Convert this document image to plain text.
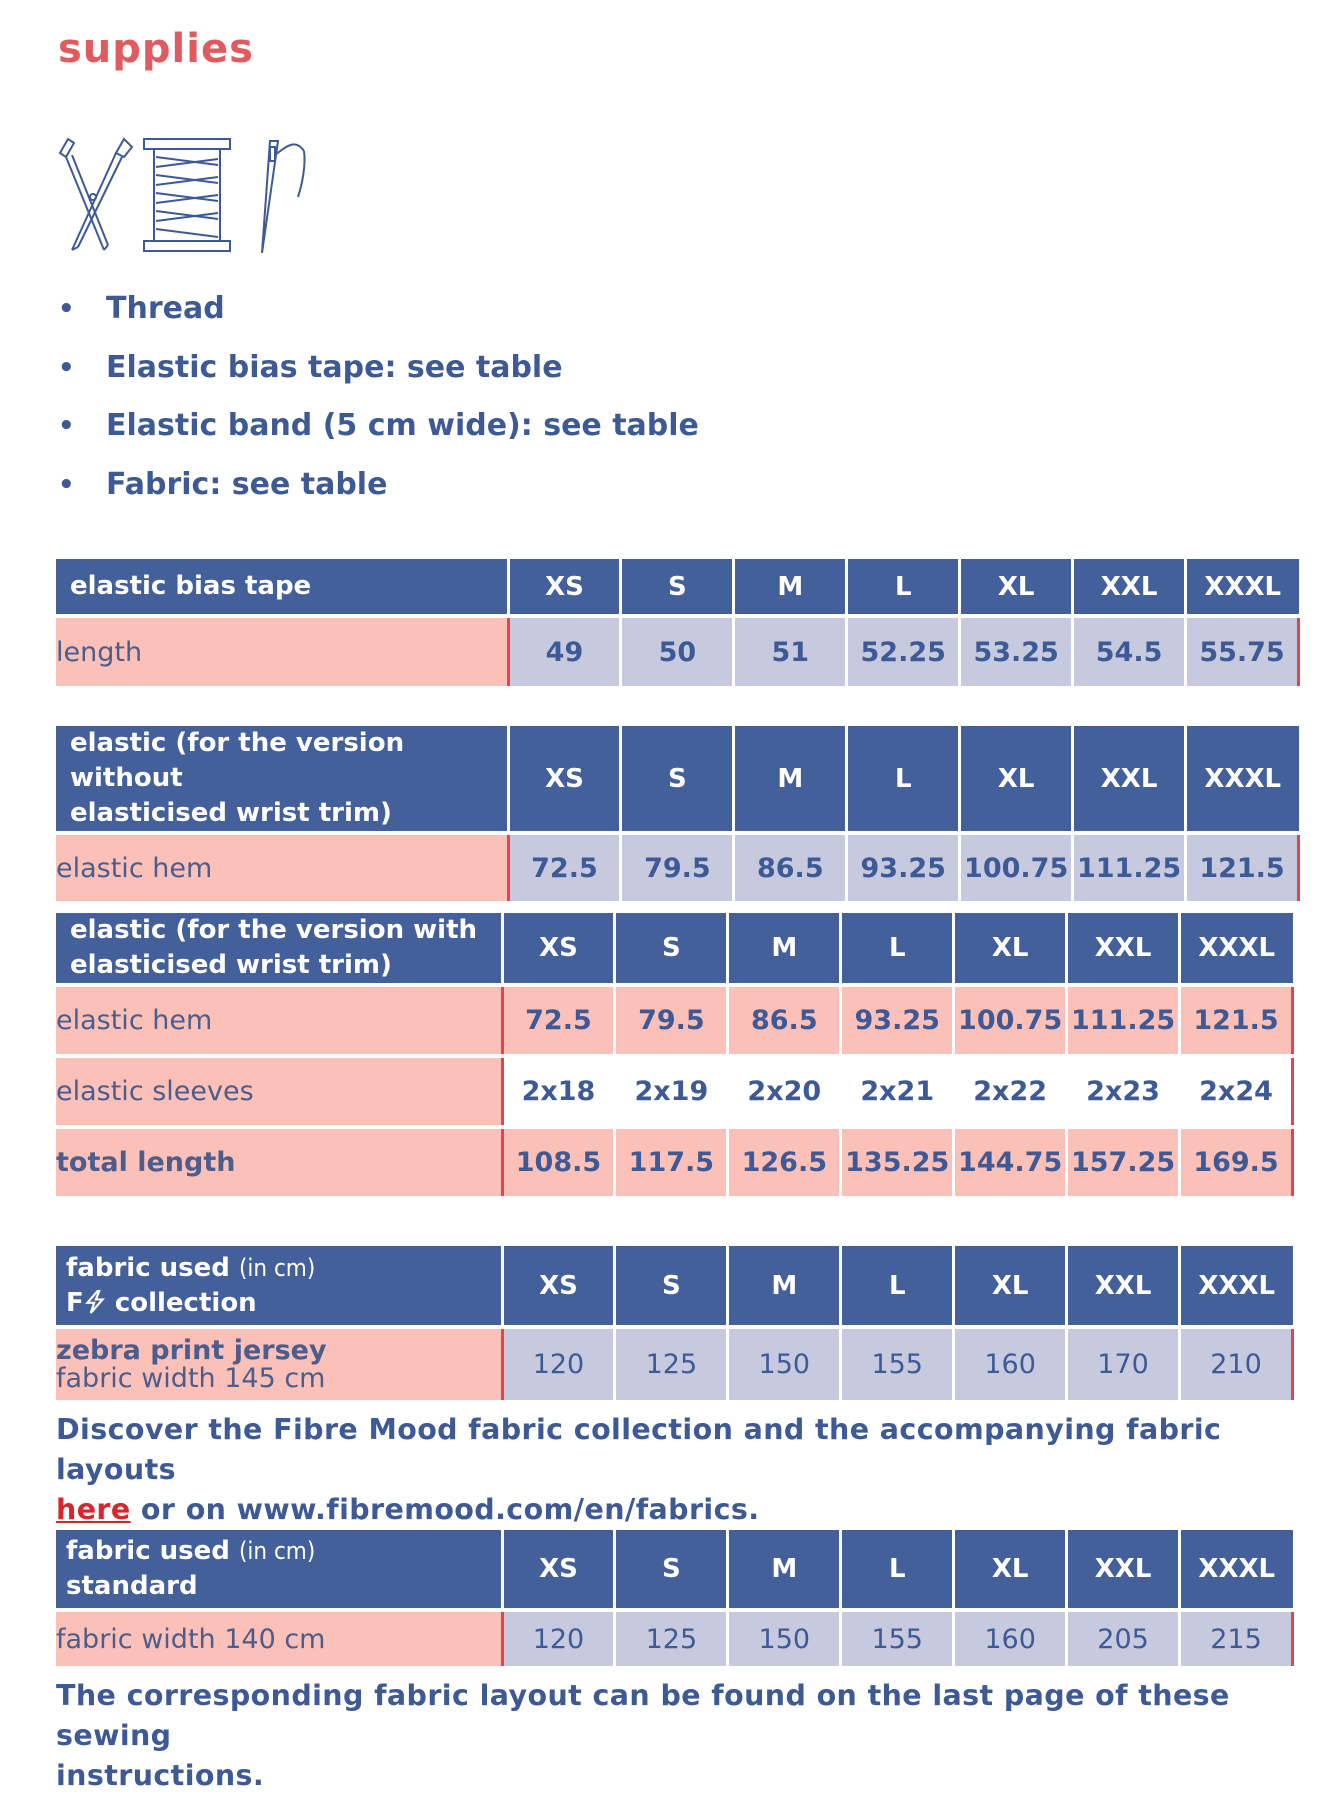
supplies
• Thread
• Elastic bias tape: see table
• Elastic band (5 cm wide): see table
• Fabric: see table
elastic bias tape	XS	S	M	L	XL	XXL	XXXL
length	49	50	51	52.25	53.25	54.5	55.75
elastic (for the version without
elasticised wrist trim)	XS	S	M	L	XL	XXL	XXXL
elastic hem	72.5	79.5	86.5	93.25	100.75	111.25	121.5
elastic (for the version with
elasticised wrist trim)	XS	S	M	L	XL	XXL	XXXL
elastic hem	72.5	79.5	86.5	93.25	100.75	111.25	121.5
elastic sleeves	2x18	2x19	2x20	2x21	2x22	2x23	2x24
total length	108.5	117.5	126.5	135.25	144.75	157.25	169.5
fabric used (in cm)
F collection	XS	S	M	L	XL	XXL	XXXL

zebra print jersey
fabric width 145 cm	120	125	150	155	160	170	210

Discover the Fibre Mood fabric collection and the accompanying fabric layouts
here or on www.fibremood.com/en/fabrics.

fabric used (in cm)
standard	XS	S	M	L	XL	XXL	XXXL
fabric width 140 cm	120	125	150	155	160	205	215

The corresponding fabric layout can be found on the last page of these sewing
instructions.
